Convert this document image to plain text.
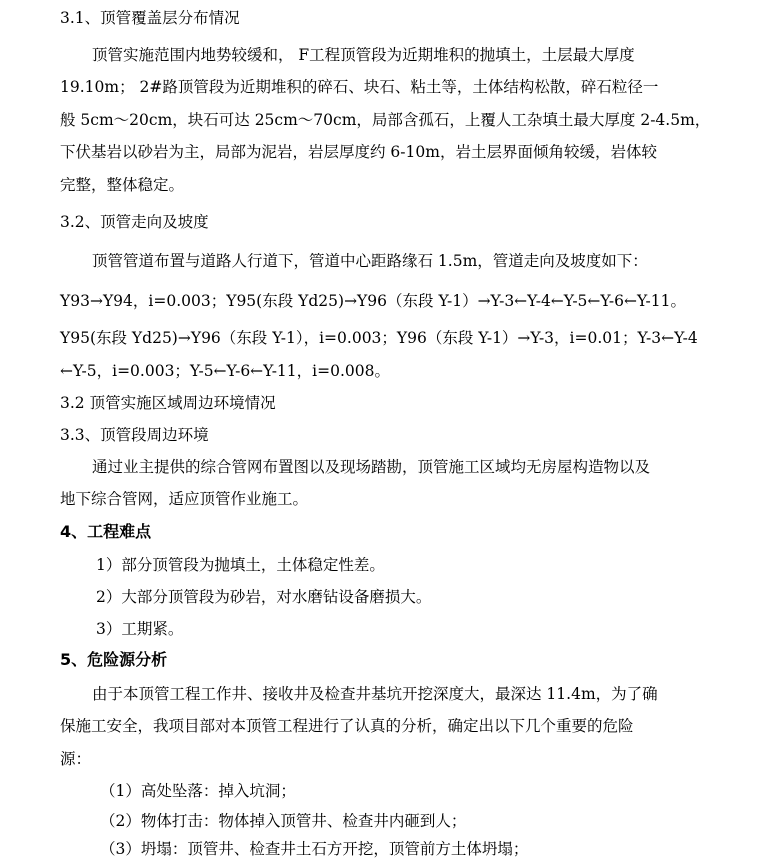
3.1、顶管覆盖层分布情况
顶管实施范围内地势较缓和， F工程顶管段为近期堆积的抛填土，土层最大厚度
19.10m； 2#路顶管段为近期堆积的碎石、块石、粘土等，土体结构松散，碎石粒径一
般 5cm～20cm，块石可达 25cm～70cm，局部含孤石，上覆人工杂填土最大厚度 2-4.5m，
下伏基岩以砂岩为主，局部为泥岩，岩层厚度约 6-10m，岩土层界面倾角较缓，岩体较
完整，整体稳定。
3.2、顶管走向及坡度
顶管管道布置与道路人行道下，管道中心距路缘石 1.5m，管道走向及坡度如下：
Y93→Y94，i=0.003；Y95(东段 Yd25)→Y96（东段 Y-1）→Y-3←Y-4←Y-5←Y-6←Y-11。
Y95(东段 Yd25)→Y96（东段 Y-1），i=0.003；Y96（东段 Y-1）→Y-3，i=0.01；Y-3←Y-4
←Y-5，i=0.003；Y-5←Y-6←Y-11，i=0.008。
3.2 顶管实施区域周边环境情况
3.3、顶管段周边环境
通过业主提供的综合管网布置图以及现场踏勘，顶管施工区域均无房屋构造物以及
地下综合管网，适应顶管作业施工。
4、工程难点
1）部分顶管段为抛填土，土体稳定性差。
2）大部分顶管段为砂岩，对水磨钻设备磨损大。
3）工期紧。
5、危险源分析
由于本顶管工程工作井、接收井及检查井基坑开挖深度大，最深达 11.4m，为了确
保施工安全，我项目部对本顶管工程进行了认真的分析，确定出以下几个重要的危险
源：
（1）高处坠落：掉入坑洞；
（2）物体打击：物体掉入顶管井、检查井内砸到人；
（3）坍塌：顶管井、检查井土石方开挖，顶管前方土体坍塌；
